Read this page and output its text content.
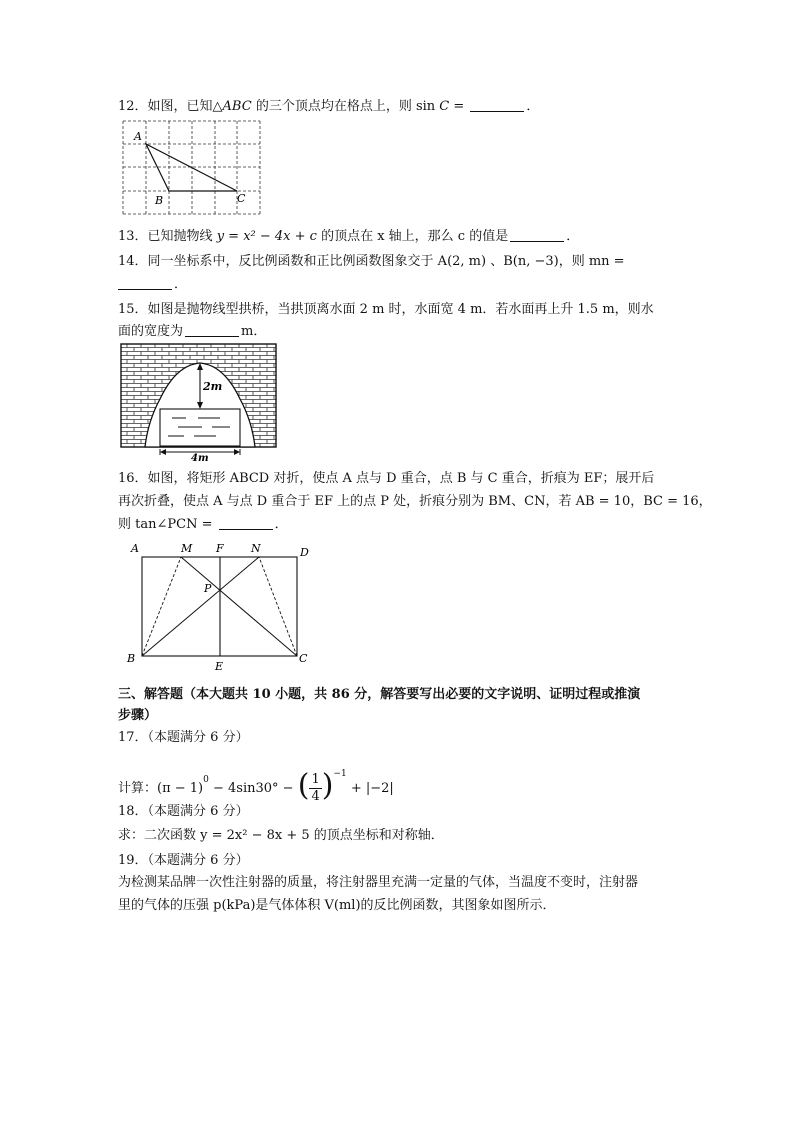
12．如图，已知△ABC 的三个顶点均在格点上，则 sin C =	．
A
B	C
13．已知抛物线 y = x² − 4x + c 的顶点在 x 轴上，那么 c 的值是	．
14．同一坐标系中，反比例函数和正比例函数图象交于 A(2, m) 、B(n, −3)，则 mn =
．
15．如图是抛物线型拱桥，当拱顶离水面 2 m 时，水面宽 4 m．若水面再上升 1.5 m，则水
面的宽度为	m．
2m
4m
16．如图，将矩形 ABCD 对折，使点 A 点与 D 重合，点 B 与 C 重合，折痕为 EF；展开后
再次折叠，使点 A 与点 D 重合于 EF 上的点 P 处，折痕分别为 BM、CN，若 AB = 10，BC = 16，
则 tan∠PCN =	．
A	M F N	D
P
B
E
C
三、解答题（本大题共 10 小题，共 86 分，解答要写出必要的文字说明、证明过程或推演
步骤）
17．（本题满分 6 分）
计算：$(\pi - 1)^0 - 4\sin 30^\circ$ − ( $\frac{1}{4} )^{-1} + |-2|$
18．（本题满分 6 分）
求：二次函数 y = 2x² − 8x + 5 的顶点坐标和对称轴．
19．（本题满分 6 分）
为检测某品牌一次性注射器的质量，将注射器里充满一定量的气体，当温度不变时，注射器
里的气体的压强 p(kPa)是气体体积 V(ml)的反比例函数，其图象如图所示．
